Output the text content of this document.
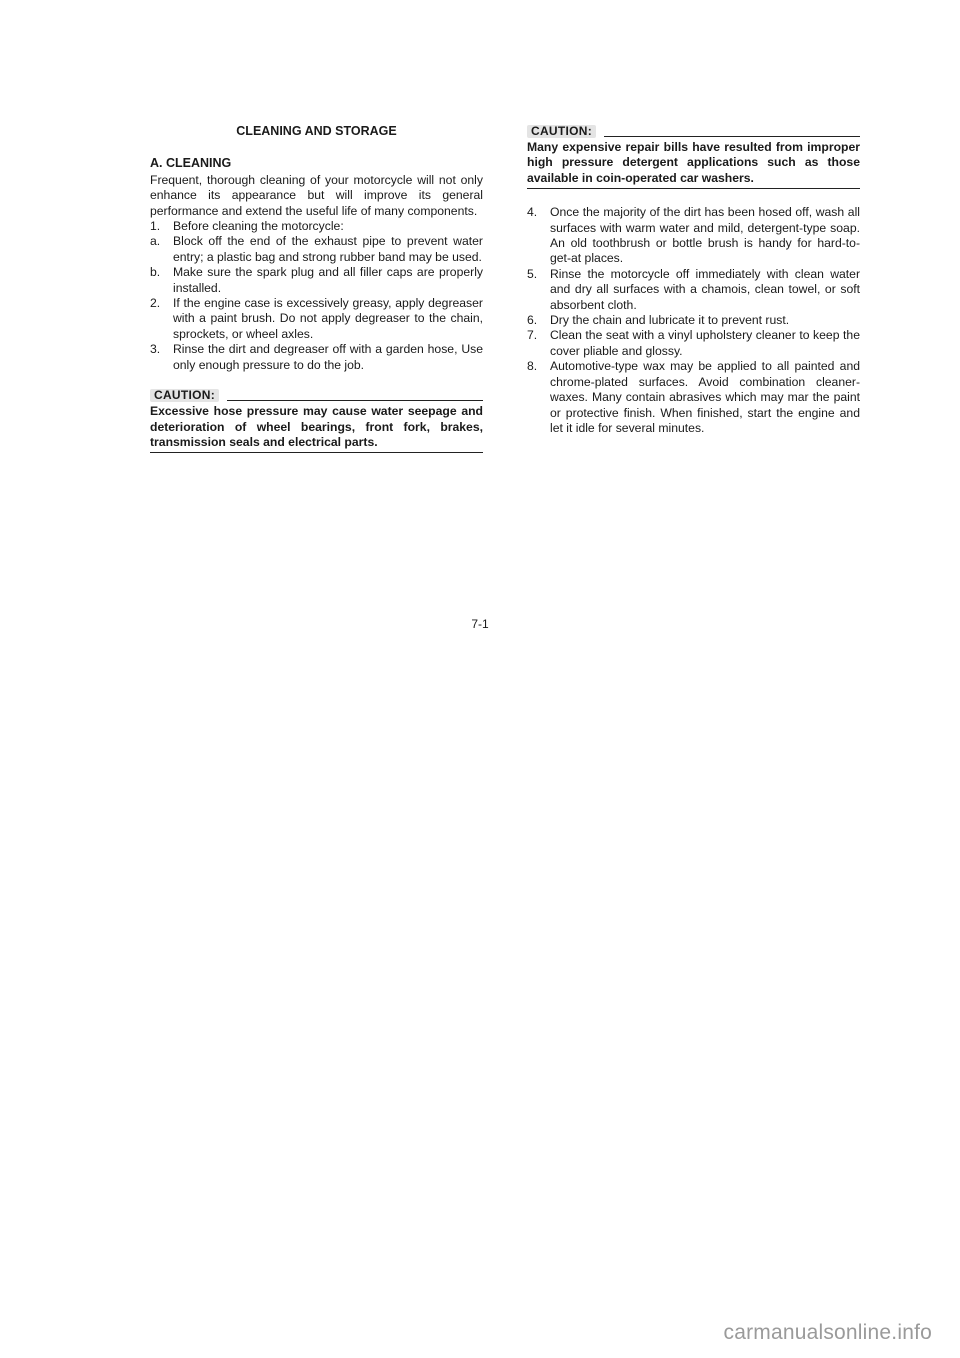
CLEANING AND STORAGE
A. CLEANING

Frequent, thorough cleaning of your motorcycle will not only enhance its appearance but will improve its general performance and extend the useful life of many components.

1.	Before cleaning the motorcycle:
a.	Block off the end of the exhaust pipe to prevent water entry; a plastic bag and strong rubber band may be used.
b.	Make sure the spark plug and all filler caps are properly installed.
2.	If the engine case is excessively greasy, apply degreaser with a paint brush. Do not apply degreaser to the chain, sprockets, or wheel axles.
3.	Rinse the dirt and degreaser off with a garden hose, Use only enough pressure to do the job.
CAUTION:
Excessive hose pressure may cause water seepage and deterioration of wheel bearings, front fork, brakes, transmission seals and electrical parts.
CAUTION:
Many expensive repair bills have resulted from improper high pressure detergent applications such as those available in coin-operated car washers.
4.	Once the majority of the dirt has been hosed off, wash all surfaces with warm water and mild, detergent-type soap. An old toothbrush or bottle brush is handy for hard-to-get-at places.
5.	Rinse the motorcycle off immediately with clean water and dry all surfaces with a chamois, clean towel, or soft absorbent cloth.
6.	Dry the chain and lubricate it to prevent rust.
7.	Clean the seat with a vinyl upholstery cleaner to keep the cover pliable and glossy.
8.	Automotive-type wax may be applied to all painted and chrome-plated surfaces. Avoid combination cleaner-waxes. Many contain abrasives which may mar the paint or protective finish. When finished, start the engine and let it idle for several minutes.
7-1
carmanualsonline.info
